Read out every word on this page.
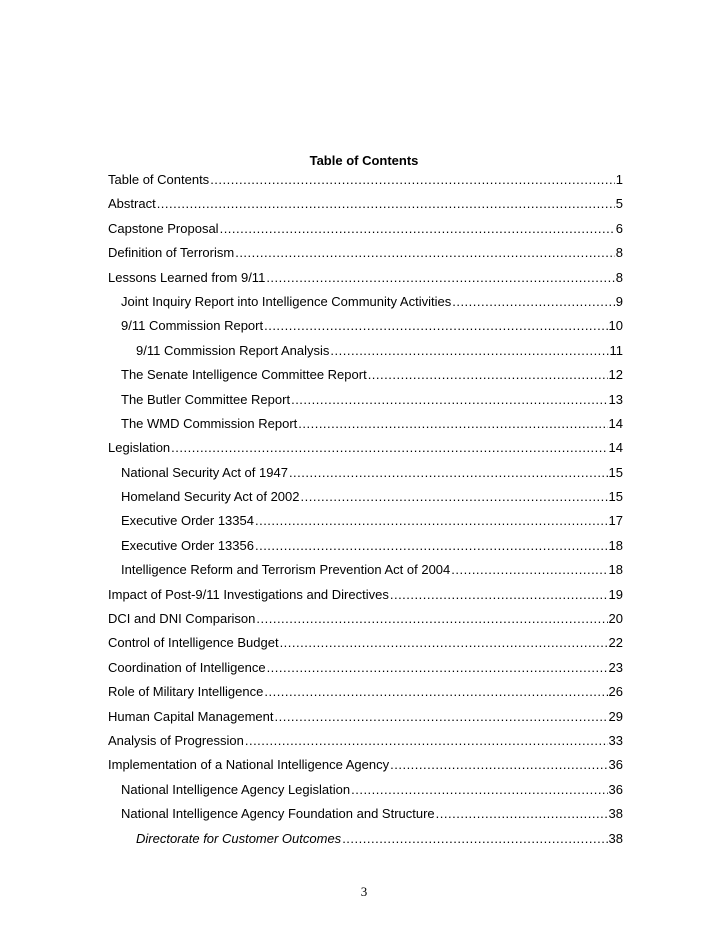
Table of Contents
Table of Contents .....	1
Abstract .....	5
Capstone Proposal .....	6
Definition of Terrorism .....	8
Lessons Learned from 9/11 .....	8
Joint Inquiry Report into Intelligence Community Activities .....	9
9/11 Commission Report .....	10
9/11 Commission Report Analysis .....	11
The Senate Intelligence Committee Report .....	12
The Butler Committee Report .....	13
The WMD Commission Report .....	14
Legislation .....	14
National Security Act of 1947 .....	15
Homeland Security Act of 2002 .....	15
Executive Order 13354 .....	17
Executive Order 13356 .....	18
Intelligence Reform and Terrorism Prevention Act of 2004 .....	18
Impact of Post-9/11 Investigations and Directives .....	19
DCI and DNI Comparison .....	20
Control of Intelligence Budget .....	22
Coordination of Intelligence .....	23
Role of Military Intelligence .....	26
Human Capital Management .....	29
Analysis of Progression .....	33
Implementation of a National Intelligence Agency .....	36
National Intelligence Agency Legislation .....	36
National Intelligence Agency Foundation and Structure .....	38
Directorate for Customer Outcomes .....	38
3
